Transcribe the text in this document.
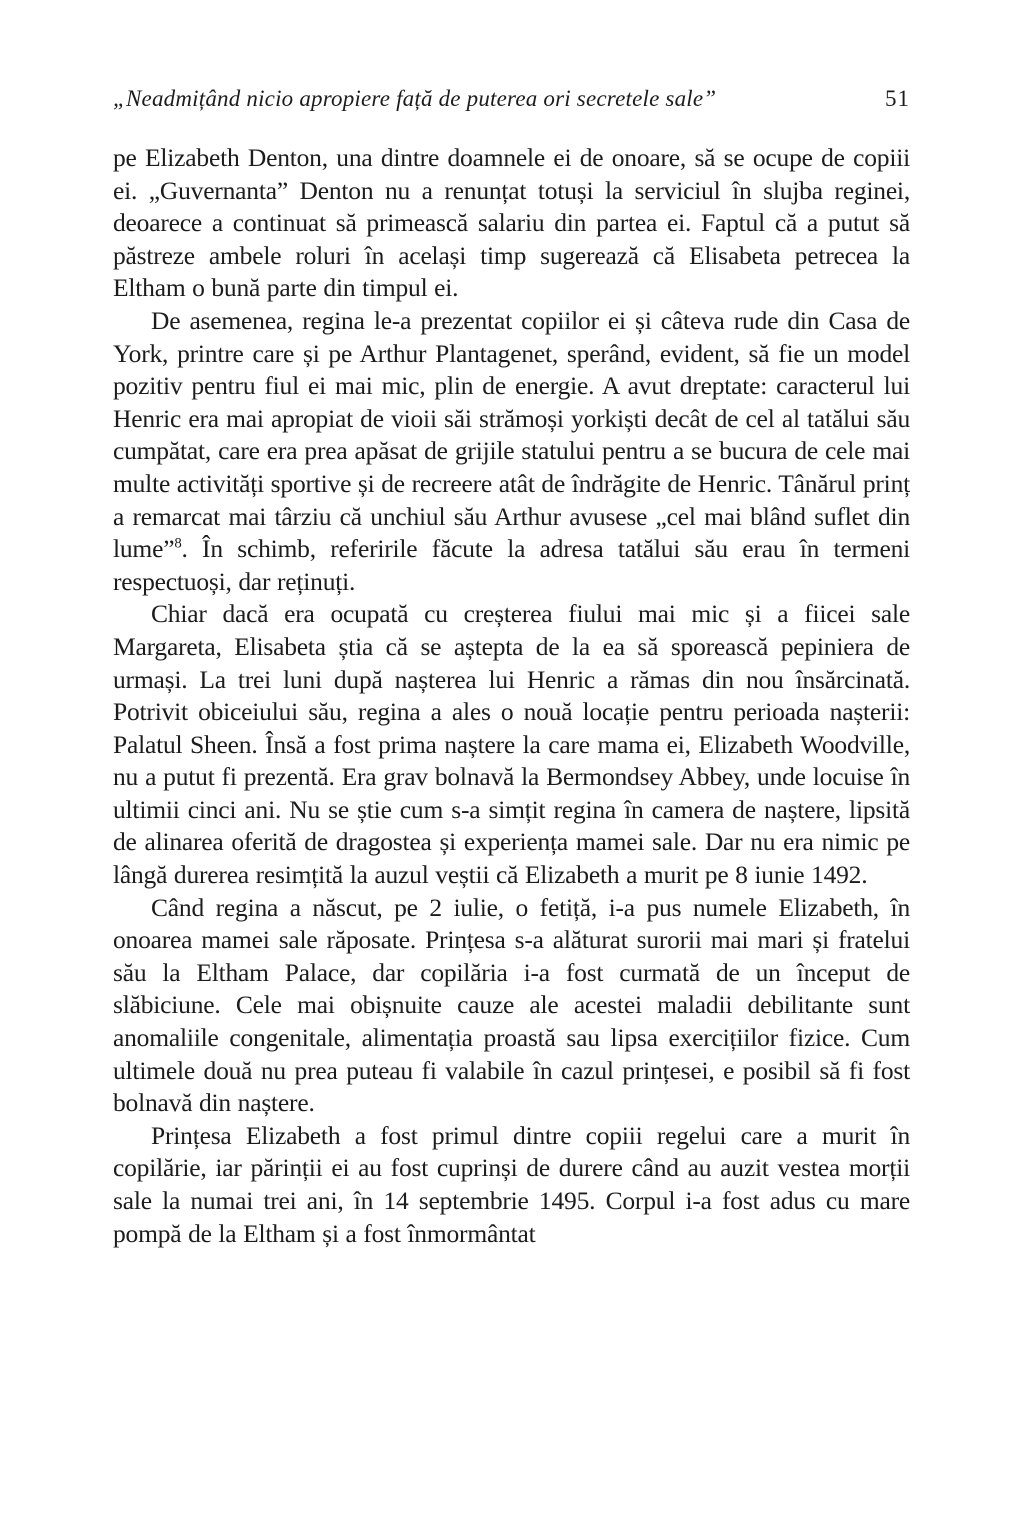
„Neadmițând nicio apropiere față de puterea ori secretele sale”	51

pe Elizabeth Denton, una dintre doamnele ei de onoare, să se ocupe de copiii ei. „Guvernanta” Denton nu a renunțat totuși la serviciul în slujba reginei, deoarece a continuat să primească salariu din partea ei. Faptul că a putut să păstreze ambele roluri în același timp sugerează că Elisabeta petrecea la Eltham o bună parte din timpul ei.

De asemenea, regina le-a prezentat copiilor ei și câteva rude din Casa de York, printre care și pe Arthur Plantagenet, sperând, evident, să fie un model pozitiv pentru fiul ei mai mic, plin de energie. A avut dreptate: caracterul lui Henric era mai apropiat de vioii săi strămoși yorkiști decât de cel al tatălui său cumpătat, care era prea apăsat de grijile statului pentru a se bucura de cele mai multe activități sportive și de recreere atât de îndrăgite de Henric. Tânărul prinț a remarcat mai târziu că unchiul său Arthur avusese „cel mai blând suflet din lume”$^8$. În schimb, referirile făcute la adresa tatălui său erau în termeni respectuoși, dar reținuți.

Chiar dacă era ocupată cu creșterea fiului mai mic și a fiicei sale Margareta, Elisabeta știa că se aștepta de la ea să sporească pepiniera de urmași. La trei luni după nașterea lui Henric a rămas din nou însărcinată. Potrivit obiceiului său, regina a ales o nouă locație pentru perioada nașterii: Palatul Sheen. Însă a fost prima naștere la care mama ei, Elizabeth Woodville, nu a putut fi prezentă. Era grav bolnavă la Bermondsey Abbey, unde locuise în ultimii cinci ani. Nu se știe cum s-a simțit regina în camera de naștere, lipsită de alinarea oferită de dragostea și experiența mamei sale. Dar nu era nimic pe lângă durerea resimțită la auzul veștii că Elizabeth a murit pe 8 iunie 1492.

Când regina a născut, pe 2 iulie, o fetiță, i-a pus numele Elizabeth, în onoarea mamei sale răposate. Prințesa s-a alăturat surorii mai mari și fratelui său la Eltham Palace, dar copilăria i-a fost curmată de un început de slăbiciune. Cele mai obișnuite cauze ale acestei maladii debilitante sunt anomaliile congenitale, alimentația proastă sau lipsa exercițiilor fizice. Cum ultimele două nu prea puteau fi valabile în cazul prințesei, e posibil să fi fost bolnavă din naștere.

Prințesa Elizabeth a fost primul dintre copiii regelui care a murit în copilărie, iar părinții ei au fost cuprinși de durere când au auzit vestea morții sale la numai trei ani, în 14 septembrie 1495. Corpul i-a fost adus cu mare pompă de la Eltham și a fost înmormântat
